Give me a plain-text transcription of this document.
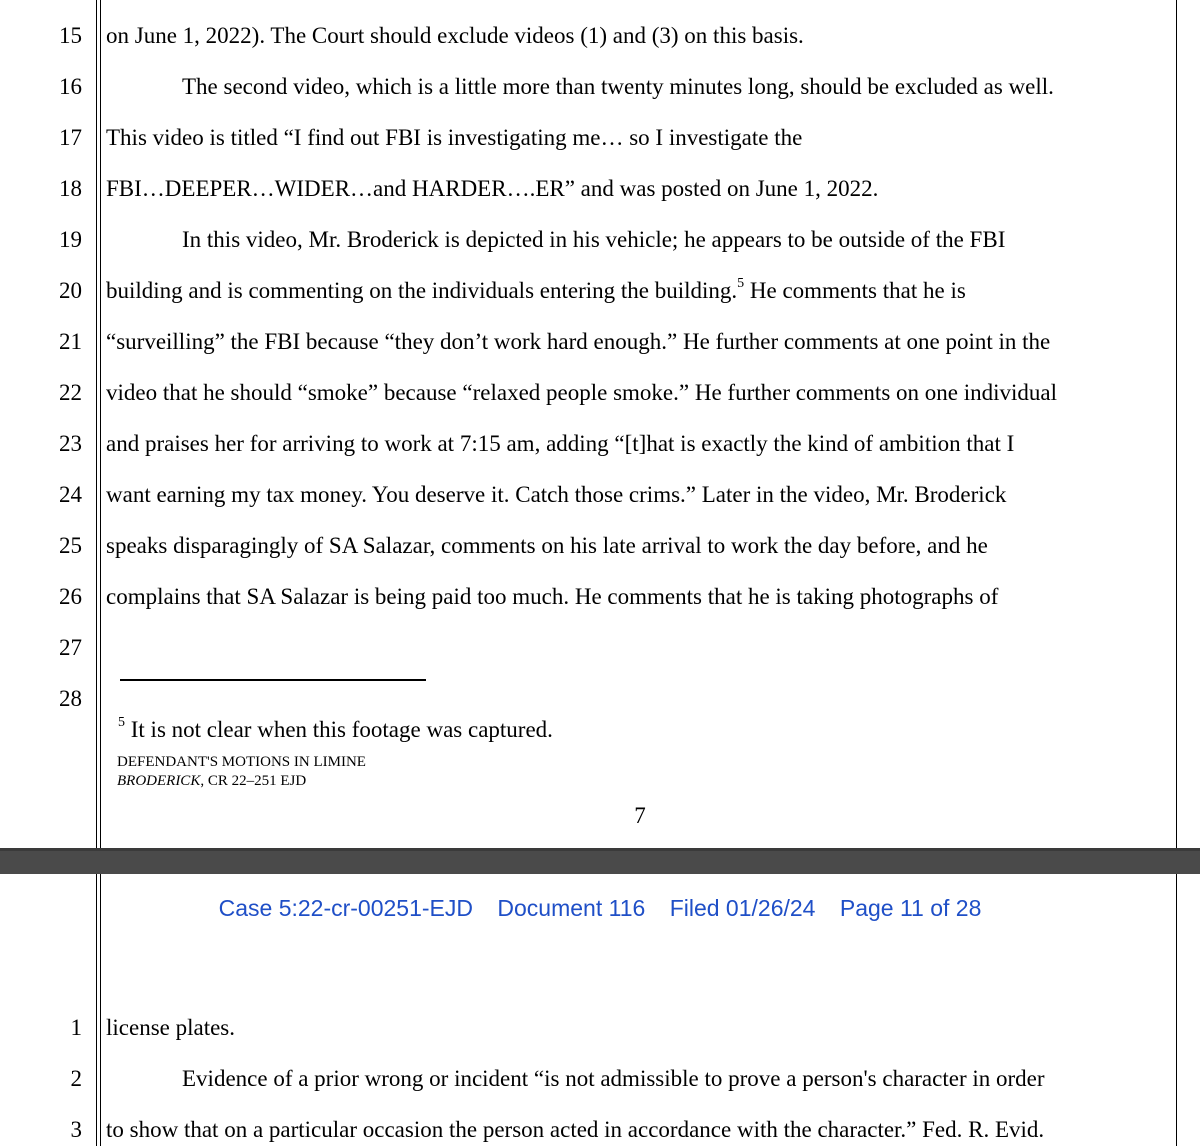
15 on June 1, 2022). The Court should exclude videos (1) and (3) on this basis.
16	The second video, which is a little more than twenty minutes long, should be excluded as well.
17 This video is titled “I find out FBI is investigating me… so I investigate the
18 FBI…DEEPER…WIDER…and HARDER….ER” and was posted on June 1, 2022.
19	In this video, Mr. Broderick is depicted in his vehicle; he appears to be outside of the FBI
20 building and is commenting on the individuals entering the building.$^5$ He comments that he is
21 “surveilling” the FBI because “they don’t work hard enough.” He further comments at one point in the
22 video that he should “smoke” because “relaxed people smoke.” He further comments on one individual
23 and praises her for arriving to work at 7:15 am, adding “[t]hat is exactly the kind of ambition that I
24 want earning my tax money. You deserve it. Catch those crims.” Later in the video, Mr. Broderick
25 speaks disparagingly of SA Salazar, comments on his late arrival to work the day before, and he
26 complains that SA Salazar is being paid too much. He comments that he is taking photographs of
27
28
$^5$ It is not clear when this footage was captured.
DEFENDANT'S MOTIONS IN LIMINE
BRODERICK, CR 22–251 EJD
7
1 license plates.
2	Evidence of a prior wrong or incident “is not admissible to prove a person's character in order
3 to show that on a particular occasion the person acted in accordance with the character.” Fed. R. Evid.
Case 5:22-cr-00251-EJD Document 116 Filed 01/26/24 Page 11 of 28
